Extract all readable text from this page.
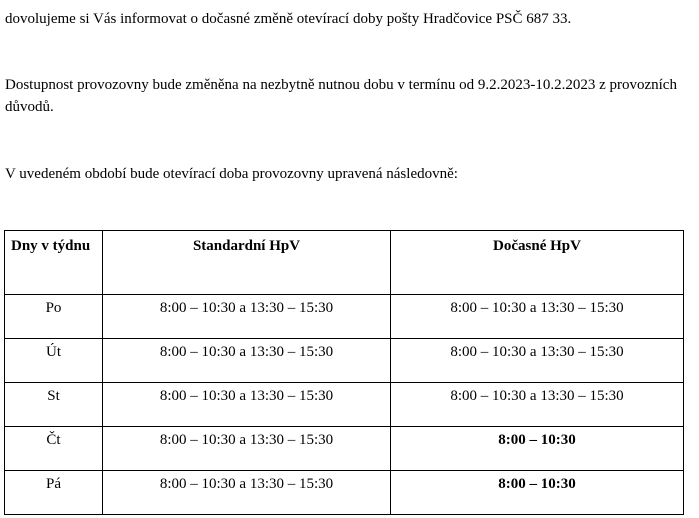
dovolujeme si Vás informovat o dočasné změně otevírací doby pošty Hradčovice PSČ 687 33.

Dostupnost provozovny bude změněna na nezbytně nutnou dobu v termínu od 9.2.2023-10.2.2023 z provozních důvodů.

V uvedeném období bude otevírací doba provozovny upravená následovně:

Dny v týdnu	Standardní HpV	Dočasné HpV
Po	8:00 – 10:30 a 13:30 – 15:30	8:00 – 10:30 a 13:30 – 15:30
Út	8:00 – 10:30 a 13:30 – 15:30	8:00 – 10:30 a 13:30 – 15:30
St	8:00 – 10:30 a 13:30 – 15:30	8:00 – 10:30 a 13:30 – 15:30
Čt	8:00 – 10:30 a 13:30 – 15:30	8:00 – 10:30
Pá	8:00 – 10:30 a 13:30 – 15:30	8:00 – 10:30
